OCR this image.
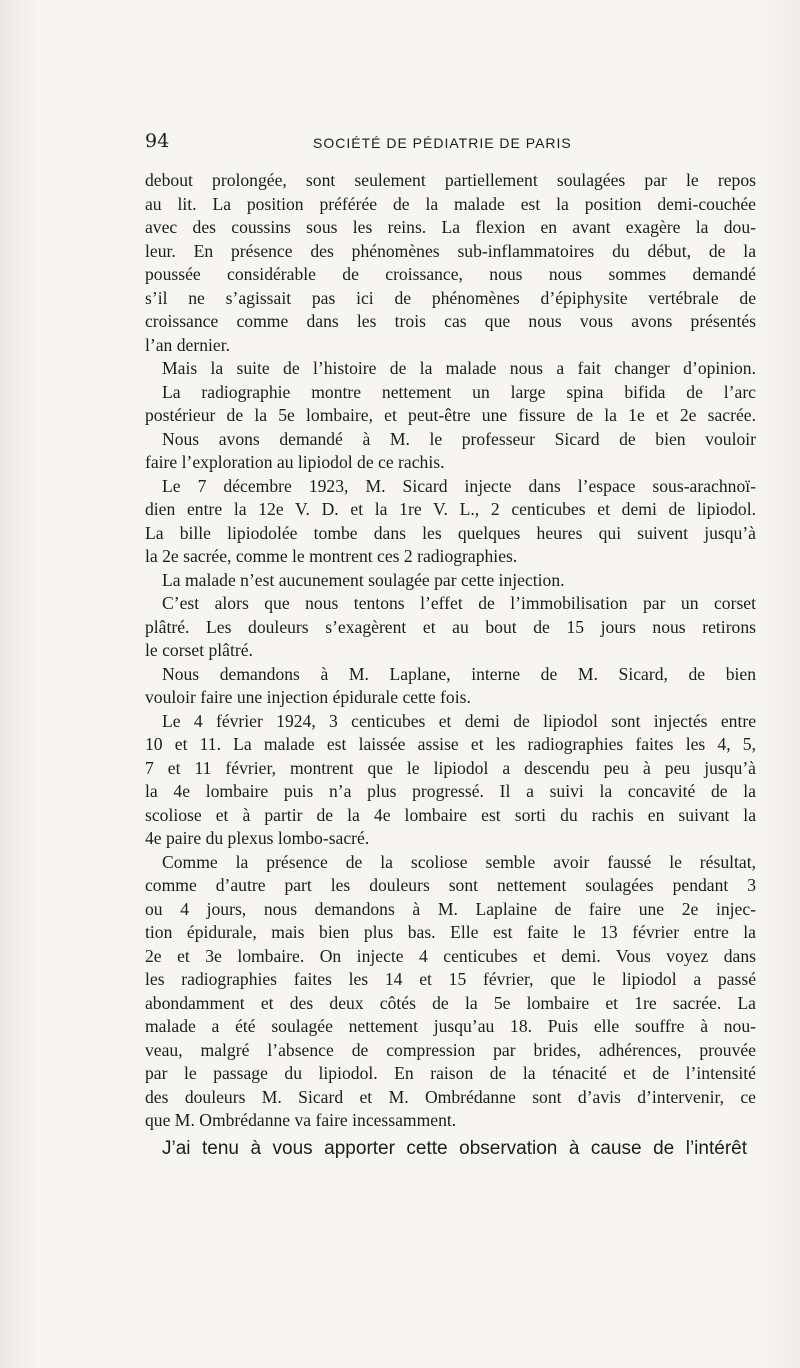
94	SOCIÉTÉ DE PÉDIATRIE DE PARIS
debout prolongée, sont seulement partiellement soulagées par le repos
au lit. La position préférée de la malade est la position demi-couchée
avec des coussins sous les reins. La flexion en avant exagère la dou-
leur. En présence des phénomènes sub-inflammatoires du début, de la
poussée considérable de croissance, nous nous sommes demandé
s’il ne s’agissait pas ici de phénomènes d’épiphysite vertébrale de
croissance comme dans les trois cas que nous vous avons présentés
l’an dernier.
Mais la suite de l’histoire de la malade nous a fait changer d’opinion.
La radiographie montre nettement un large spina bifida de l’arc
postérieur de la 5e lombaire, et peut-être une fissure de la 1e et 2e sacrée.
Nous avons demandé à M. le professeur Sicard de bien vouloir
faire l’exploration au lipiodol de ce rachis.
Le 7 décembre 1923, M. Sicard injecte dans l’espace sous-arachnoï-
dien entre la 12e V. D. et la 1re V. L., 2 centicubes et demi de lipiodol.
La bille lipiodolée tombe dans les quelques heures qui suivent jusqu’à
la 2e sacrée, comme le montrent ces 2 radiographies.
La malade n’est aucunement soulagée par cette injection.
C’est alors que nous tentons l’effet de l’immobilisation par un corset
plâtré. Les douleurs s’exagèrent et au bout de 15 jours nous retirons
le corset plâtré.
Nous demandons à M. Laplane, interne de M. Sicard, de bien
vouloir faire une injection épidurale cette fois.
Le 4 février 1924, 3 centicubes et demi de lipiodol sont injectés entre
10 et 11. La malade est laissée assise et les radiographies faites les 4, 5,
7 et 11 février, montrent que le lipiodol a descendu peu à peu jusqu’à
la 4e lombaire puis n’a plus progressé. Il a suivi la concavité de la
scoliose et à partir de la 4e lombaire est sorti du rachis en suivant la
4e paire du plexus lombo-sacré.
Comme la présence de la scoliose semble avoir faussé le résultat,
comme d’autre part les douleurs sont nettement soulagées pendant 3
ou 4 jours, nous demandons à M. Laplaine de faire une 2e injec-
tion épidurale, mais bien plus bas. Elle est faite le 13 février entre la
2e et 3e lombaire. On injecte 4 centicubes et demi. Vous voyez dans
les radiographies faites les 14 et 15 février, que le lipiodol a passé
abondamment et des deux côtés de la 5e lombaire et 1re sacrée. La
malade a été soulagée nettement jusqu’au 18. Puis elle souffre à nou-
veau, malgré l’absence de compression par brides, adhérences, prouvée
par le passage du lipiodol. En raison de la ténacité et de l’intensité
des douleurs M. Sicard et M. Ombrédanne sont d’avis d’intervenir, ce
que M. Ombrédanne va faire incessamment.
J’ai tenu à vous apporter cette observation à cause de l’intérêt
